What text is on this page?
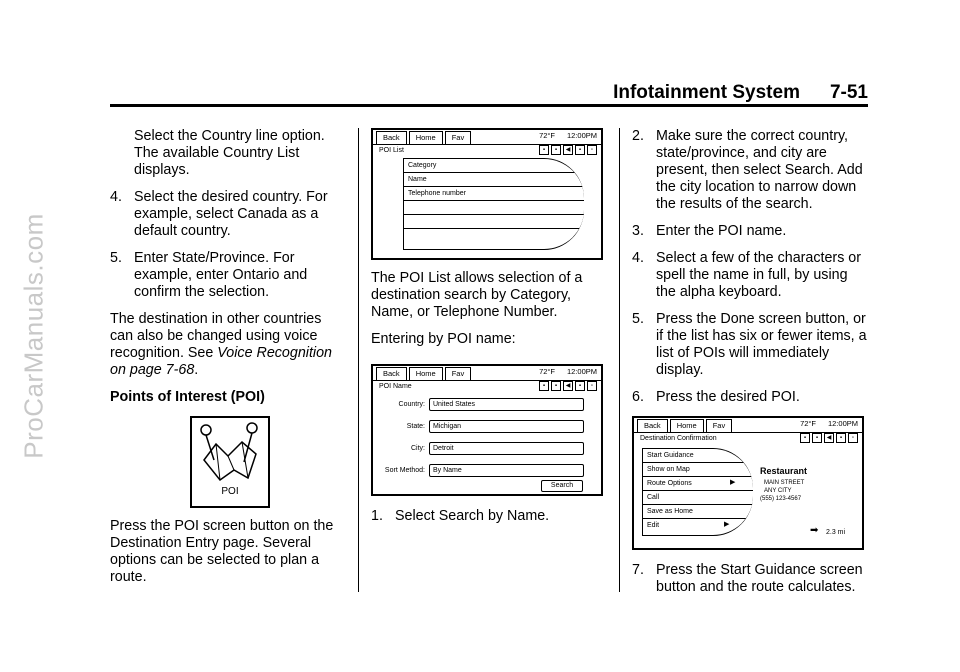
ProCarManuals.com
Infotainment System 7-51
Select the Country line option. The available Country List displays.
4. Select the desired country. For example, select Canada as a default country.
5. Enter State/Province. For example, enter Ontario and confirm the selection.

The destination in other countries can also be changed using voice recognition. See Voice Recognition on page 7-68.

Points of Interest (POI)

POI

Press the POI screen button on the Destination Entry page. Several options can be selected to plan a route.

Back	Home	Fav	72°F 12:00PM
POI List	▪	▪	◀	▪	▫
Category
Name
Telephone number

The POI List allows selection of a destination search by Category, Name, or Telephone Number.

Entering by POI name:

Back	Home	Fav	72°F 12:00PM
POI Name	▪	▪	◀	▪	▫
Country:	United States
State:	Michigan
City:	Detroit
Sort Method:	By Name
Search
1. Select Search by Name.
2. Make sure the correct country, state/province, and city are present, then select Search. Add the city location to narrow down the results of the search.
3. Enter the POI name.
4. Select a few of the characters or spell the name in full, by using the alpha keyboard.
5. Press the Done screen button, or if the list has six or fewer items, a list of POIs will immediately display.
6. Press the desired POI.
Back	Home	Fav	72°F 12:00PM
Destination Confirmation	▪	▪	◀	▪	▫
Start Guidance
Show on Map
Route Options
Call
Save as Home
Edit
▶
▶
Restaurant
MAIN STREET
ANY CITY
(555) 123-4567
➡ 2.3 mi
7. Press the Start Guidance screen button and the route calculates.
